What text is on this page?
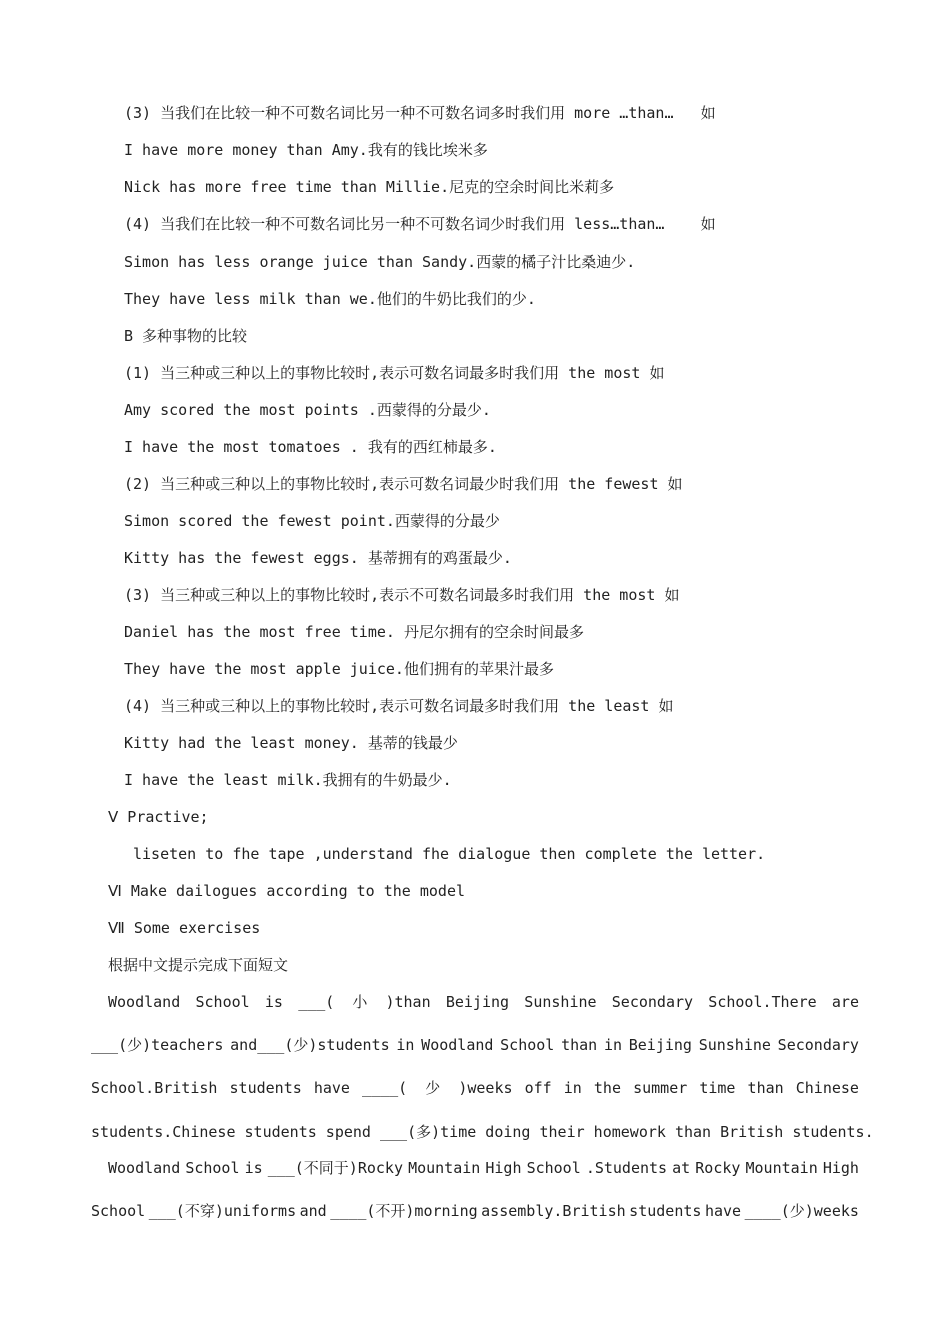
(3) 当我们在比较一种不可数名词比另一种不可数名词多时我们用 more …than…   如
I have more money than Amy.我有的钱比埃米多
Nick has more free time than Millie.尼克的空余时间比米莉多
(4) 当我们在比较一种不可数名词比另一种不可数名词少时我们用 less…than…    如
Simon has less orange juice than Sandy.西蒙的橘子汁比桑迪少.
They have less milk than we.他们的牛奶比我们的少.
B 多种事物的比较
(1) 当三种或三种以上的事物比较时,表示可数名词最多时我们用 the most 如
Amy scored the most points .西蒙得的分最少.
I have the most tomatoes . 我有的西红柿最多.
(2) 当三种或三种以上的事物比较时,表示可数名词最少时我们用 the fewest 如
Simon scored the fewest point.西蒙得的分最少
Kitty has the fewest eggs. 基蒂拥有的鸡蛋最少.
(3) 当三种或三种以上的事物比较时,表示不可数名词最多时我们用 the most 如
Daniel has the most free time. 丹尼尔拥有的空余时间最多
They have the most apple juice.他们拥有的苹果汁最多
(4) 当三种或三种以上的事物比较时,表示可数名词最多时我们用 the least 如
Kitty had the least money. 基蒂的钱最少
I have the least milk.我拥有的牛奶最少.
Ⅴ Practive;
liseten to fhe tape ,understand fhe dialogue then complete the letter.
Ⅵ Make dailogues according to the model
Ⅶ Some exercises
根据中文提示完成下面短文
Woodland School is ___(  小  )than Beijing Sunshine Secondary School.There are
___(少)teachers and___(少)students in Woodland School than in Beijing Sunshine Secondary
School.British students have ____(  少  )weeks off in the summer time than Chinese
students.Chinese students spend ___(多)time doing their homework than British students.
Woodland School is ___(不同于)Rocky Mountain High School .Students at Rocky Mountain High
School ___(不穿)uniforms and ____(不开)morning assembly.British students have ____(少)weeks
